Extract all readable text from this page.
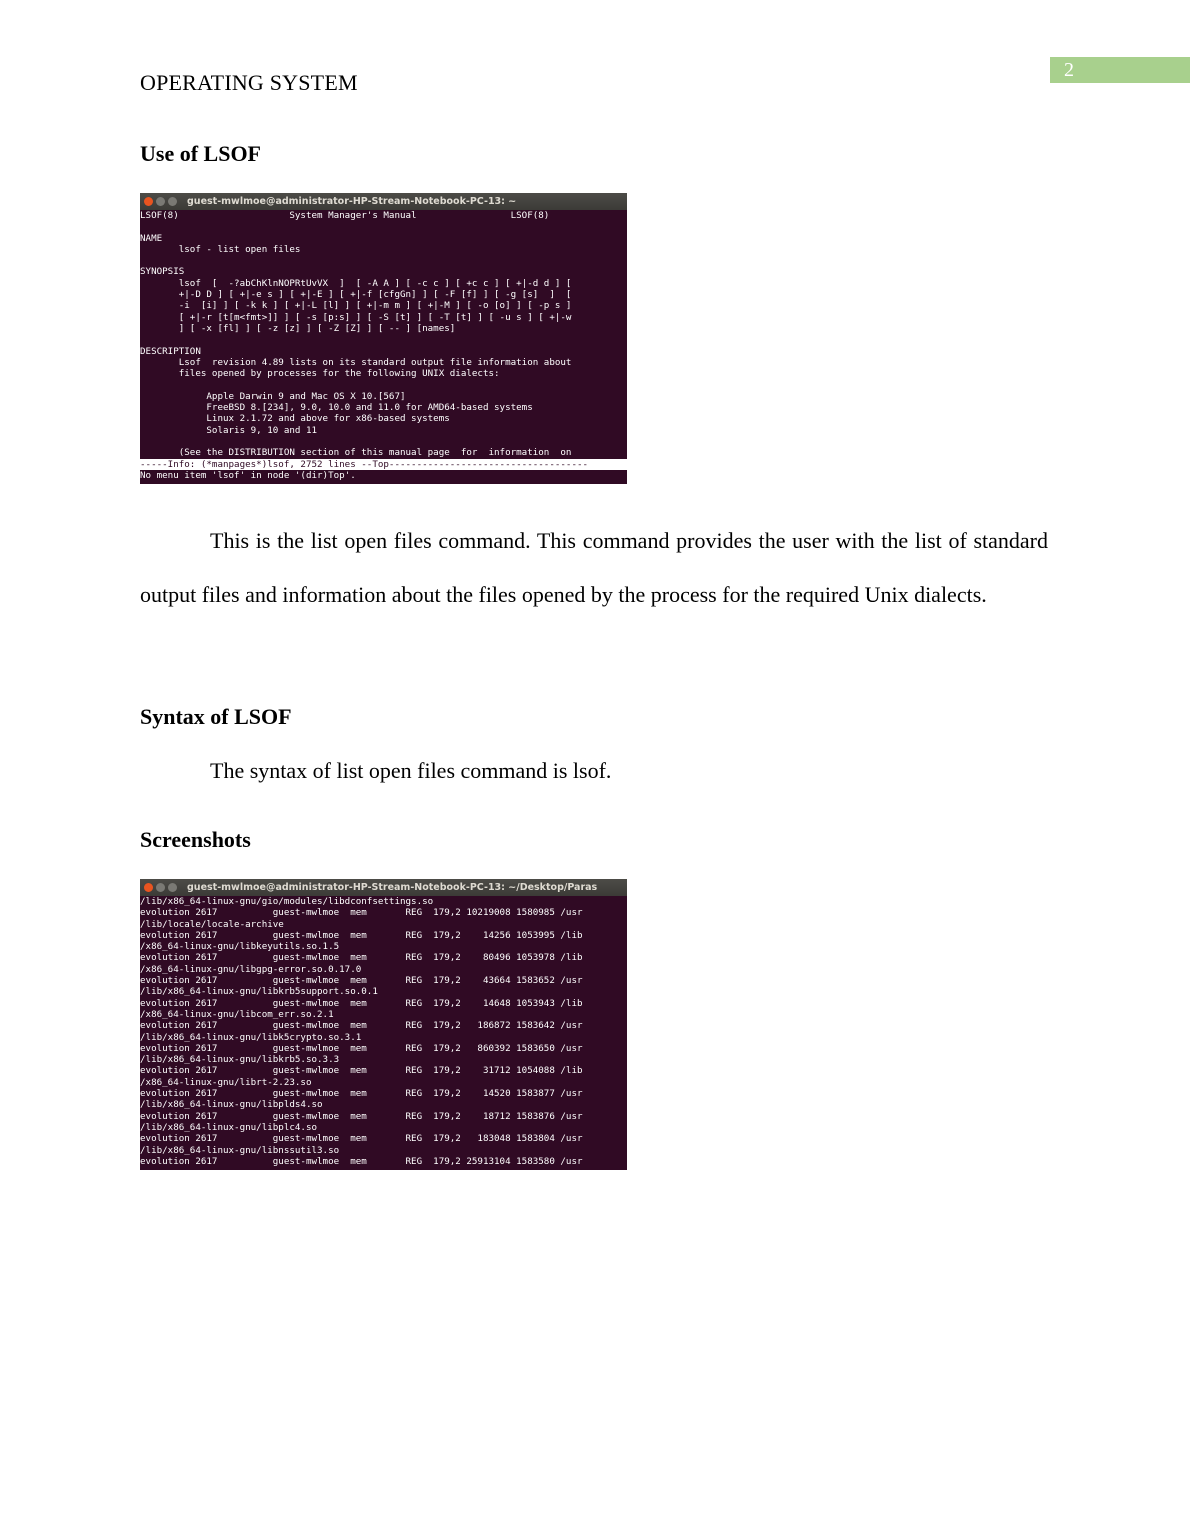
2
OPERATING SYSTEM
Use of LSOF
guest-mwlmoe@administrator-HP-Stream-Notebook-PC-13: ~
LSOF(8)                    System Manager's Manual                 LSOF(8)
NAME
lsof - list open files
SYNOPSIS
lsof  [  -?abChKlnNOPRtUvVX  ]  [ -A A ] [ -c c ] [ +c c ] [ +|-d d ] [
+|-D D ] [ +|-e s ] [ +|-E ] [ +|-f [cfgGn] ] [ -F [f] ] [ -g [s]  ]  [
-i  [i] ] [ -k k ] [ +|-L [l] ] [ +|-m m ] [ +|-M ] [ -o [o] ] [ -p s ]
[ +|-r [t[m<fmt>]] ] [ -s [p:s] ] [ -S [t] ] [ -T [t] ] [ -u s ] [ +|-w
] [ -x [fl] ] [ -z [z] ] [ -Z [Z] ] [ -- ] [names]
DESCRIPTION
Lsof  revision 4.89 lists on its standard output file information about
files opened by processes for the following UNIX dialects:
Apple Darwin 9 and Mac OS X 10.[567]
FreeBSD 8.[234], 9.0, 10.0 and 11.0 for AMD64-based systems
Linux 2.1.72 and above for x86-based systems
Solaris 9, 10 and 11
(See the DISTRIBUTION section of this manual page  for  information  on
-----Info: (*manpages*)lsof, 2752 lines --Top------------------------------------
No menu item 'lsof' in node '(dir)Top'.
This is the list open files command. This command provides the user with the list of standard output files and information about the files opened by the process for the required Unix dialects.
Syntax of LSOF
The syntax of list open files command is lsof.
Screenshots
guest-mwlmoe@administrator-HP-Stream-Notebook-PC-13: ~/Desktop/Paras
/lib/x86_64-linux-gnu/gio/modules/libdconfsettings.so
evolution 2617          guest-mwlmoe  mem       REG  179,2 10219008 1580985 /usr
/lib/locale/locale-archive
evolution 2617          guest-mwlmoe  mem       REG  179,2    14256 1053995 /lib
/x86_64-linux-gnu/libkeyutils.so.1.5
evolution 2617          guest-mwlmoe  mem       REG  179,2    80496 1053978 /lib
/x86_64-linux-gnu/libgpg-error.so.0.17.0
evolution 2617          guest-mwlmoe  mem       REG  179,2    43664 1583652 /usr
/lib/x86_64-linux-gnu/libkrb5support.so.0.1
evolution 2617          guest-mwlmoe  mem       REG  179,2    14648 1053943 /lib
/x86_64-linux-gnu/libcom_err.so.2.1
evolution 2617          guest-mwlmoe  mem       REG  179,2   186872 1583642 /usr
/lib/x86_64-linux-gnu/libk5crypto.so.3.1
evolution 2617          guest-mwlmoe  mem       REG  179,2   860392 1583650 /usr
/lib/x86_64-linux-gnu/libkrb5.so.3.3
evolution 2617          guest-mwlmoe  mem       REG  179,2    31712 1054088 /lib
/x86_64-linux-gnu/librt-2.23.so
evolution 2617          guest-mwlmoe  mem       REG  179,2    14520 1583877 /usr
/lib/x86_64-linux-gnu/libplds4.so
evolution 2617          guest-mwlmoe  mem       REG  179,2    18712 1583876 /usr
/lib/x86_64-linux-gnu/libplc4.so
evolution 2617          guest-mwlmoe  mem       REG  179,2   183048 1583804 /usr
/lib/x86_64-linux-gnu/libnssutil3.so
evolution 2617          guest-mwlmoe  mem       REG  179,2 25913104 1583580 /usr
